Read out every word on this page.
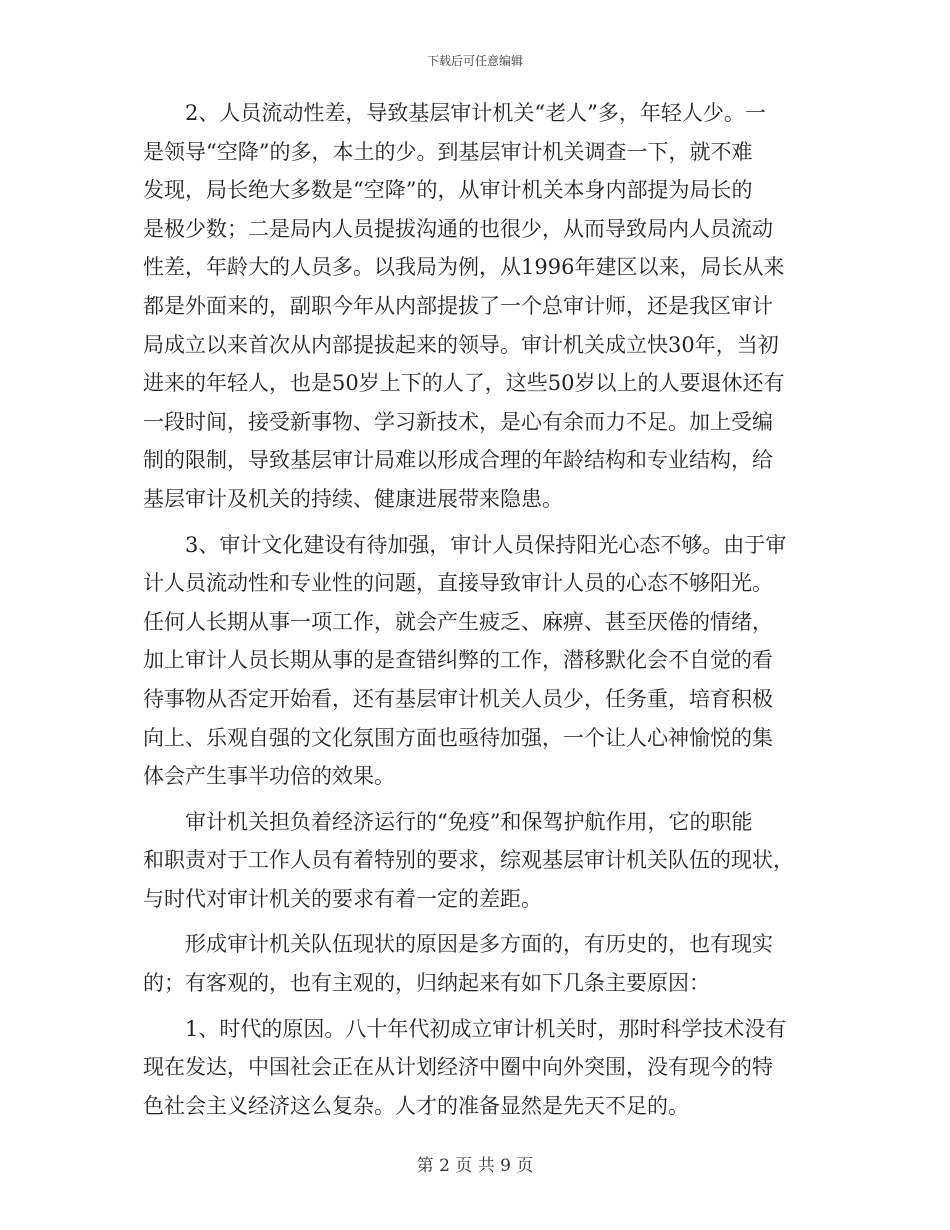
下载后可任意编辑
　　2、人员流动性差，导致基层审计机关“老人”多，年轻人少。一
是领导“空降”的多，本土的少。到基层审计机关调查一下，就不难
发现，局长绝大多数是“空降”的，从审计机关本身内部提为局长的
是极少数；二是局内人员提拔沟通的也很少，从而导致局内人员流动
性差，年龄大的人员多。以我局为例，从1996年建区以来，局长从来
都是外面来的，副职今年从内部提拔了一个总审计师，还是我区审计
局成立以来首次从内部提拔起来的领导。审计机关成立快30年，当初
进来的年轻人，也是50岁上下的人了，这些50岁以上的人要退休还有
一段时间，接受新事物、学习新技术，是心有余而力不足。加上受编
制的限制，导致基层审计局难以形成合理的年龄结构和专业结构，给
基层审计及机关的持续、健康进展带来隐患。
　　3、审计文化建设有待加强，审计人员保持阳光心态不够。由于审
计人员流动性和专业性的问题，直接导致审计人员的心态不够阳光。
任何人长期从事一项工作，就会产生疲乏、麻痹、甚至厌倦的情绪，
加上审计人员长期从事的是查错纠弊的工作，潜移默化会不自觉的看
待事物从否定开始看，还有基层审计机关人员少，任务重，培育积极
向上、乐观自强的文化氛围方面也亟待加强，一个让人心神愉悦的集
体会产生事半功倍的效果。
　　审计机关担负着经济运行的“免疫”和保驾护航作用，它的职能
和职责对于工作人员有着特别的要求，综观基层审计机关队伍的现状，
与时代对审计机关的要求有着一定的差距。
　　形成审计机关队伍现状的原因是多方面的，有历史的，也有现实
的；有客观的，也有主观的，归纳起来有如下几条主要原因：
　　1、时代的原因。八十年代初成立审计机关时，那时科学技术没有
现在发达，中国社会正在从计划经济中圈中向外突围，没有现今的特
色社会主义经济这么复杂。人才的准备显然是先天不足的。
第 2 页 共 9 页
